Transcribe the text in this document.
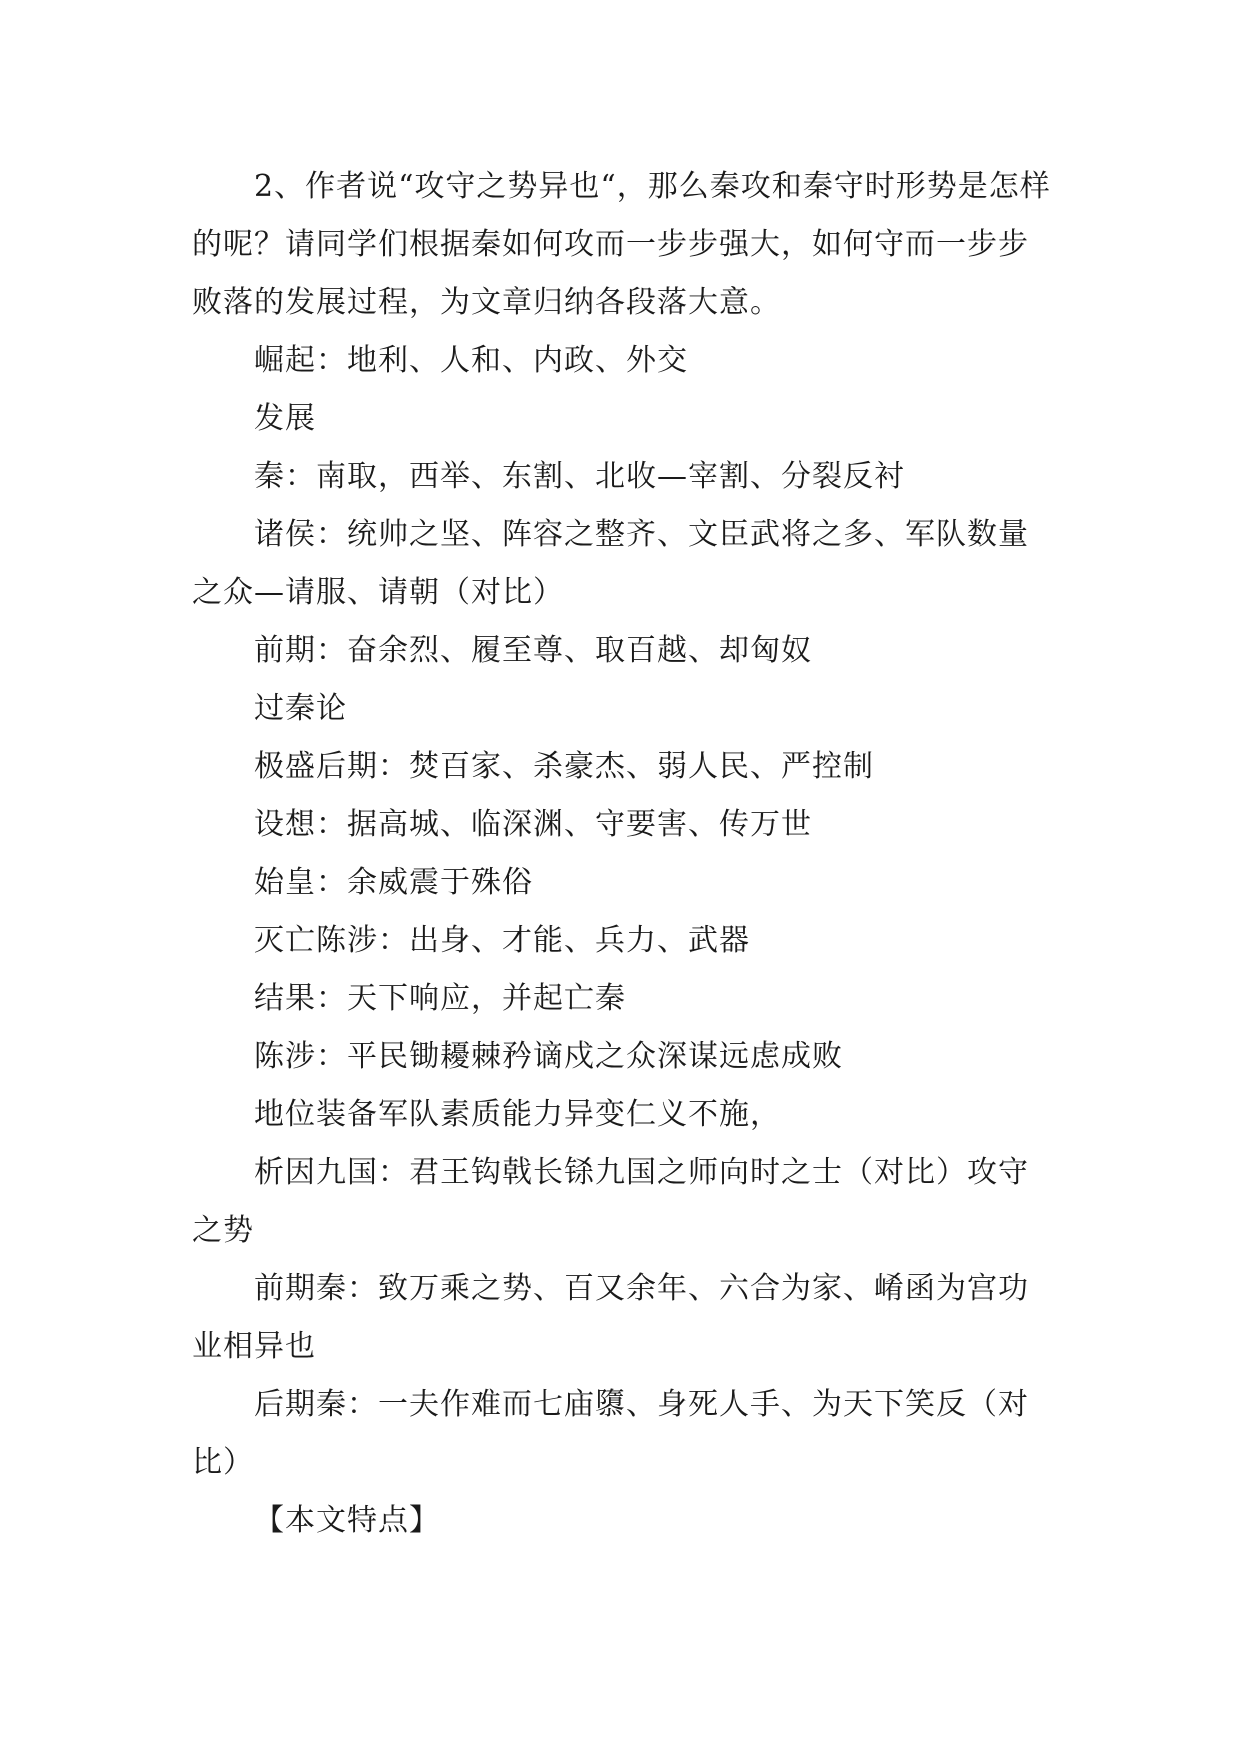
2、作者说“攻守之势异也“，那么秦攻和秦守时形势是怎样的呢？请同学们根据秦如何攻而一步步强大，如何守而一步步败落的发展过程，为文章归纳各段落大意。

崛起：地利、人和、内政、外交

发展

秦：南取，西举、东割、北收—宰割、分裂反衬

诸侯：统帅之坚、阵容之整齐、文臣武将之多、军队数量之众—请服、请朝（对比）

前期：奋余烈、履至尊、取百越、却匈奴

过秦论

极盛后期：焚百家、杀豪杰、弱人民、严控制

设想：据高城、临深渊、守要害、传万世

始皇：余威震于殊俗

灭亡陈涉：出身、才能、兵力、武器

结果：天下响应，并起亡秦

陈涉：平民锄耰棘矜谪戍之众深谋远虑成败

地位装备军队素质能力异变仁义不施，

析因九国：君王钩戟长铩九国之师向时之士（对比）攻守之势

前期秦：致万乘之势、百又余年、六合为家、崤函为宫功业相异也

后期秦：一夫作难而七庙隳、身死人手、为天下笑反（对比）

【本文特点】
